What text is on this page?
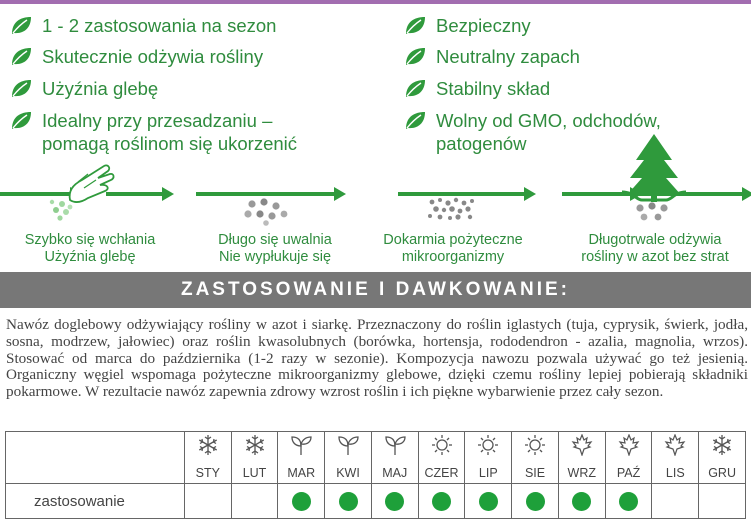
1 - 2 zastosowania na sezon
Skutecznie odżywia rośliny
Użyźnia glebę
Idealny przy przesadzaniu –
pomagą roślinom się ukorzenić
Bezpieczny
Neutralny zapach
Stabilny skład
Wolny od GMO, odchodów,
patogenów
Szybko się wchłania
Użyźnia glebę
Długo się uwalnia
Nie wypłukuje się
Dokarmia pożyteczne
mikroorganizmy
Długotrwale odżywia
rośliny w azot bez strat
ZASTOSOWANIE I DAWKOWANIE:
Nawóz doglebowy odżywiający rośliny w azot i siarkę. Przeznaczony do roślin iglastych (tuja, cyprysik, świerk, jodła, sosna, modrzew, jałowiec) oraz roślin kwasolubnych (borówka, hortensja, rododendron - azalia, magnolia, wrzos). Stosować od marca do października (1-2 razy w sezonie). Kompozycja nawozu pozwala używać go też jesienią. Organiczny węgiel wspomaga pożyteczne mikroorganizmy glebowe, dzięki czemu rośliny lepiej pobierają składniki pokarmowe. W rezultacie nawóz zapewnia zdrowy wzrost roślin i ich piękne wybarwienie przez cały sezon.

	STY	LUT	MAR	KWI	MAJ	CZER	LIP	SIE	WRZ	PAŹ	LIS	GRU
zastosowanie												
